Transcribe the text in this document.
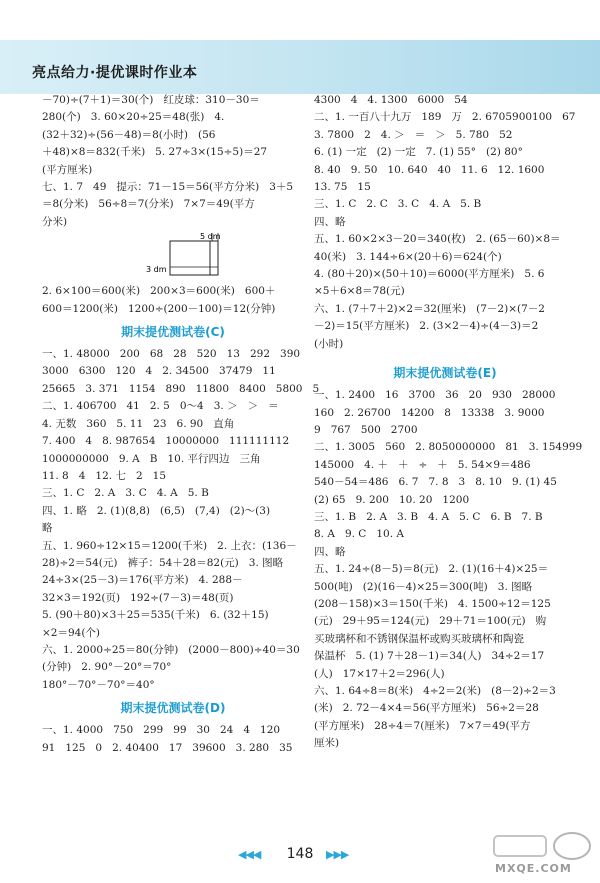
亮点给力·提优课时作业本
－70)÷(7＋1)＝30(个)   红皮球：310－30＝
280(个)   3. 60×20÷25＝48(张)   4.
(32＋32)÷(56－48)＝8(小时)   (56
＋48)×8＝832(千米)   5. 27÷3×(15÷5)＝27
(平方厘米)
七、1. 7   49   提示：71－15＝56(平方分米)   3＋5
＝8(分米)   56÷8＝7(分米)   7×7＝49(平方
分米)
5 dm
3 dm
2. 6×100＝600(米)   200×3＝600(米)   600＋
600＝1200(米)   1200÷(200－100)＝12(分钟)
期末提优测试卷(C)
一、1. 48000   200   68   28   520   13   292   390
3000   6300   120   4   2. 34500   37479   11
25665   3. 371   1154   890   11800   8400   5800   5
二、1. 406700   41   2. 5   0～4   3. ＞   ＞   ＝
4. 无数   360   5. 11   23   6. 90   直角
7. 400   4   8. 987654   10000000   111111112
1000000000   9. A   B   10. 平行四边   三角
11. 8   4   12. 七   2   15
三、1. C   2. A   3. C   4. A   5. B
四、1. 略   2. (1)(8,8)   (6,5)   (7,4)   (2)～(3)
略
五、1. 960÷12×15＝1200(千米)   2. 上衣：(136－
28)÷2＝54(元)   裤子：54＋28＝82(元)   3. 图略
24÷3×(25－3)＝176(平方米)   4. 288－
32×3＝192(页)   192÷(7－3)＝48(页)
5. (90＋80)×3＋25＝535(千米)   6. (32＋15)
×2＝94(个)
六、1. 2000÷25＝80(分钟)   (2000－800)÷40＝30
(分钟)   2. 90°－20°＝70°
180°－70°－70°＝40°
期末提优测试卷(D)
一、1. 4000   750   299   99   30   24   4   120
91   125   0   2. 40400   17   39600   3. 280   35
4300   4   4. 1300   6000   54
二、1. 一百八十九万   189   万   2. 6705900100   67
3. 7800   2   4. ＞   ＝   ＞   5. 780   52
6. (1) 一定   (2) 一定   7. (1) 55°   (2) 80°
8. 40   9. 50   10. 640   40   11. 6   12. 1600
13. 75   15
三、1. C   2. C   3. C   4. A   5. B
四、略
五、1. 60×2×3－20＝340(枚)   2. (65－60)×8＝
40(米)   3. 144÷6×(20＋6)＝624(个)
4. (80＋20)×(50＋10)＝6000(平方厘米)   5. 6
×5＋6×8＝78(元)
六、1. (7＋7＋2)×2＝32(厘米)   (7－2)×(7－2
－2)＝15(平方厘米)   2. (3×2－4)÷(4－3)＝2
(小时)
期末提优测试卷(E)
一、1. 2400   16   3700   36   20   930   28000
160   2. 26700   14200   8   13338   3. 9000
9   767   500   2700
二、1. 3005   560   2. 8050000000   81   3. 154999
145000   4. ＋   ＋   ÷   ＋   5. 54×9＝486
540－54＝486   6. 7   7. 8   3   8. 10   9. (1) 45
(2) 65   9. 200   10. 20   1200
三、1. B   2. A   3. B   4. A   5. C   6. B   7. B
8. A   9. C   10. A
四、略
五、1. 24÷(8－5)＝8(元)   2. (1)(16＋4)×25＝
500(吨)   (2)(16－4)×25＝300(吨)   3. 图略
(208－158)×3＝150(千米)   4. 1500÷12＝125
(元)   29＋95＝124(元)   29＋71＝100(元)   购
买玻璃杯和不锈钢保温杯或购买玻璃杯和陶瓷
保温杯   5. (1) 7＋28－1)＝34(人)   34÷2＝17
(人)   17×17＋2＝296(人)
六、1. 64÷8＝8(米)   4÷2＝2(米)   (8－2)÷2＝3
(米)   2. 72－4×4＝56(平方厘米)   56÷2＝28
(平方厘米)   28÷4＝7(厘米)   7×7＝49(平方
厘米)
◀◀◀	148	▶▶▶
MXQE.COM
